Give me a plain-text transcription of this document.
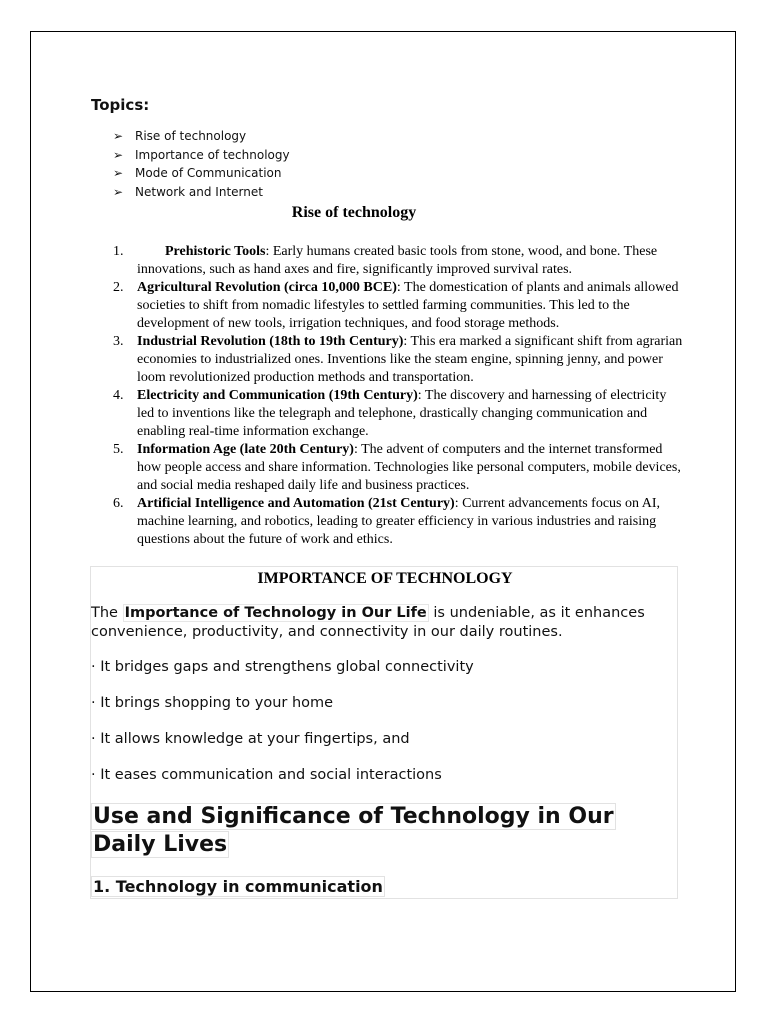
Topics:
➢ Rise of technology
➢ Importance of technology
➢ Mode of Communication
➢ Network and Internet
Rise of technology
1.	Prehistoric Tools: Early humans created basic tools from stone, wood, and bone. These innovations, such as hand axes and fire, significantly improved survival rates.
2. Agricultural Revolution (circa 10,000 BCE): The domestication of plants and animals allowed societies to shift from nomadic lifestyles to settled farming communities. This led to the development of new tools, irrigation techniques, and food storage methods.
3. Industrial Revolution (18th to 19th Century): This era marked a significant shift from agrarian economies to industrialized ones. Inventions like the steam engine, spinning jenny, and power loom revolutionized production methods and transportation.
4. Electricity and Communication (19th Century): The discovery and harnessing of electricity led to inventions like the telegraph and telephone, drastically changing communication and enabling real-time information exchange.
5. Information Age (late 20th Century): The advent of computers and the internet transformed how people access and share information. Technologies like personal computers, mobile devices, and social media reshaped daily life and business practices.
6. Artificial Intelligence and Automation (21st Century): Current advancements focus on AI, machine learning, and robotics, leading to greater efficiency in various industries and raising questions about the future of work and ethics.
IMPORTANCE OF TECHNOLOGY
The Importance of Technology in Our Life is undeniable, as it enhances convenience, productivity, and connectivity in our daily routines.
· It bridges gaps and strengthens global connectivity
· It brings shopping to your home
· It allows knowledge at your fingertips, and
· It eases communication and social interactions
Use and Significance of Technology in Our
Daily Lives
1. Technology in communication
